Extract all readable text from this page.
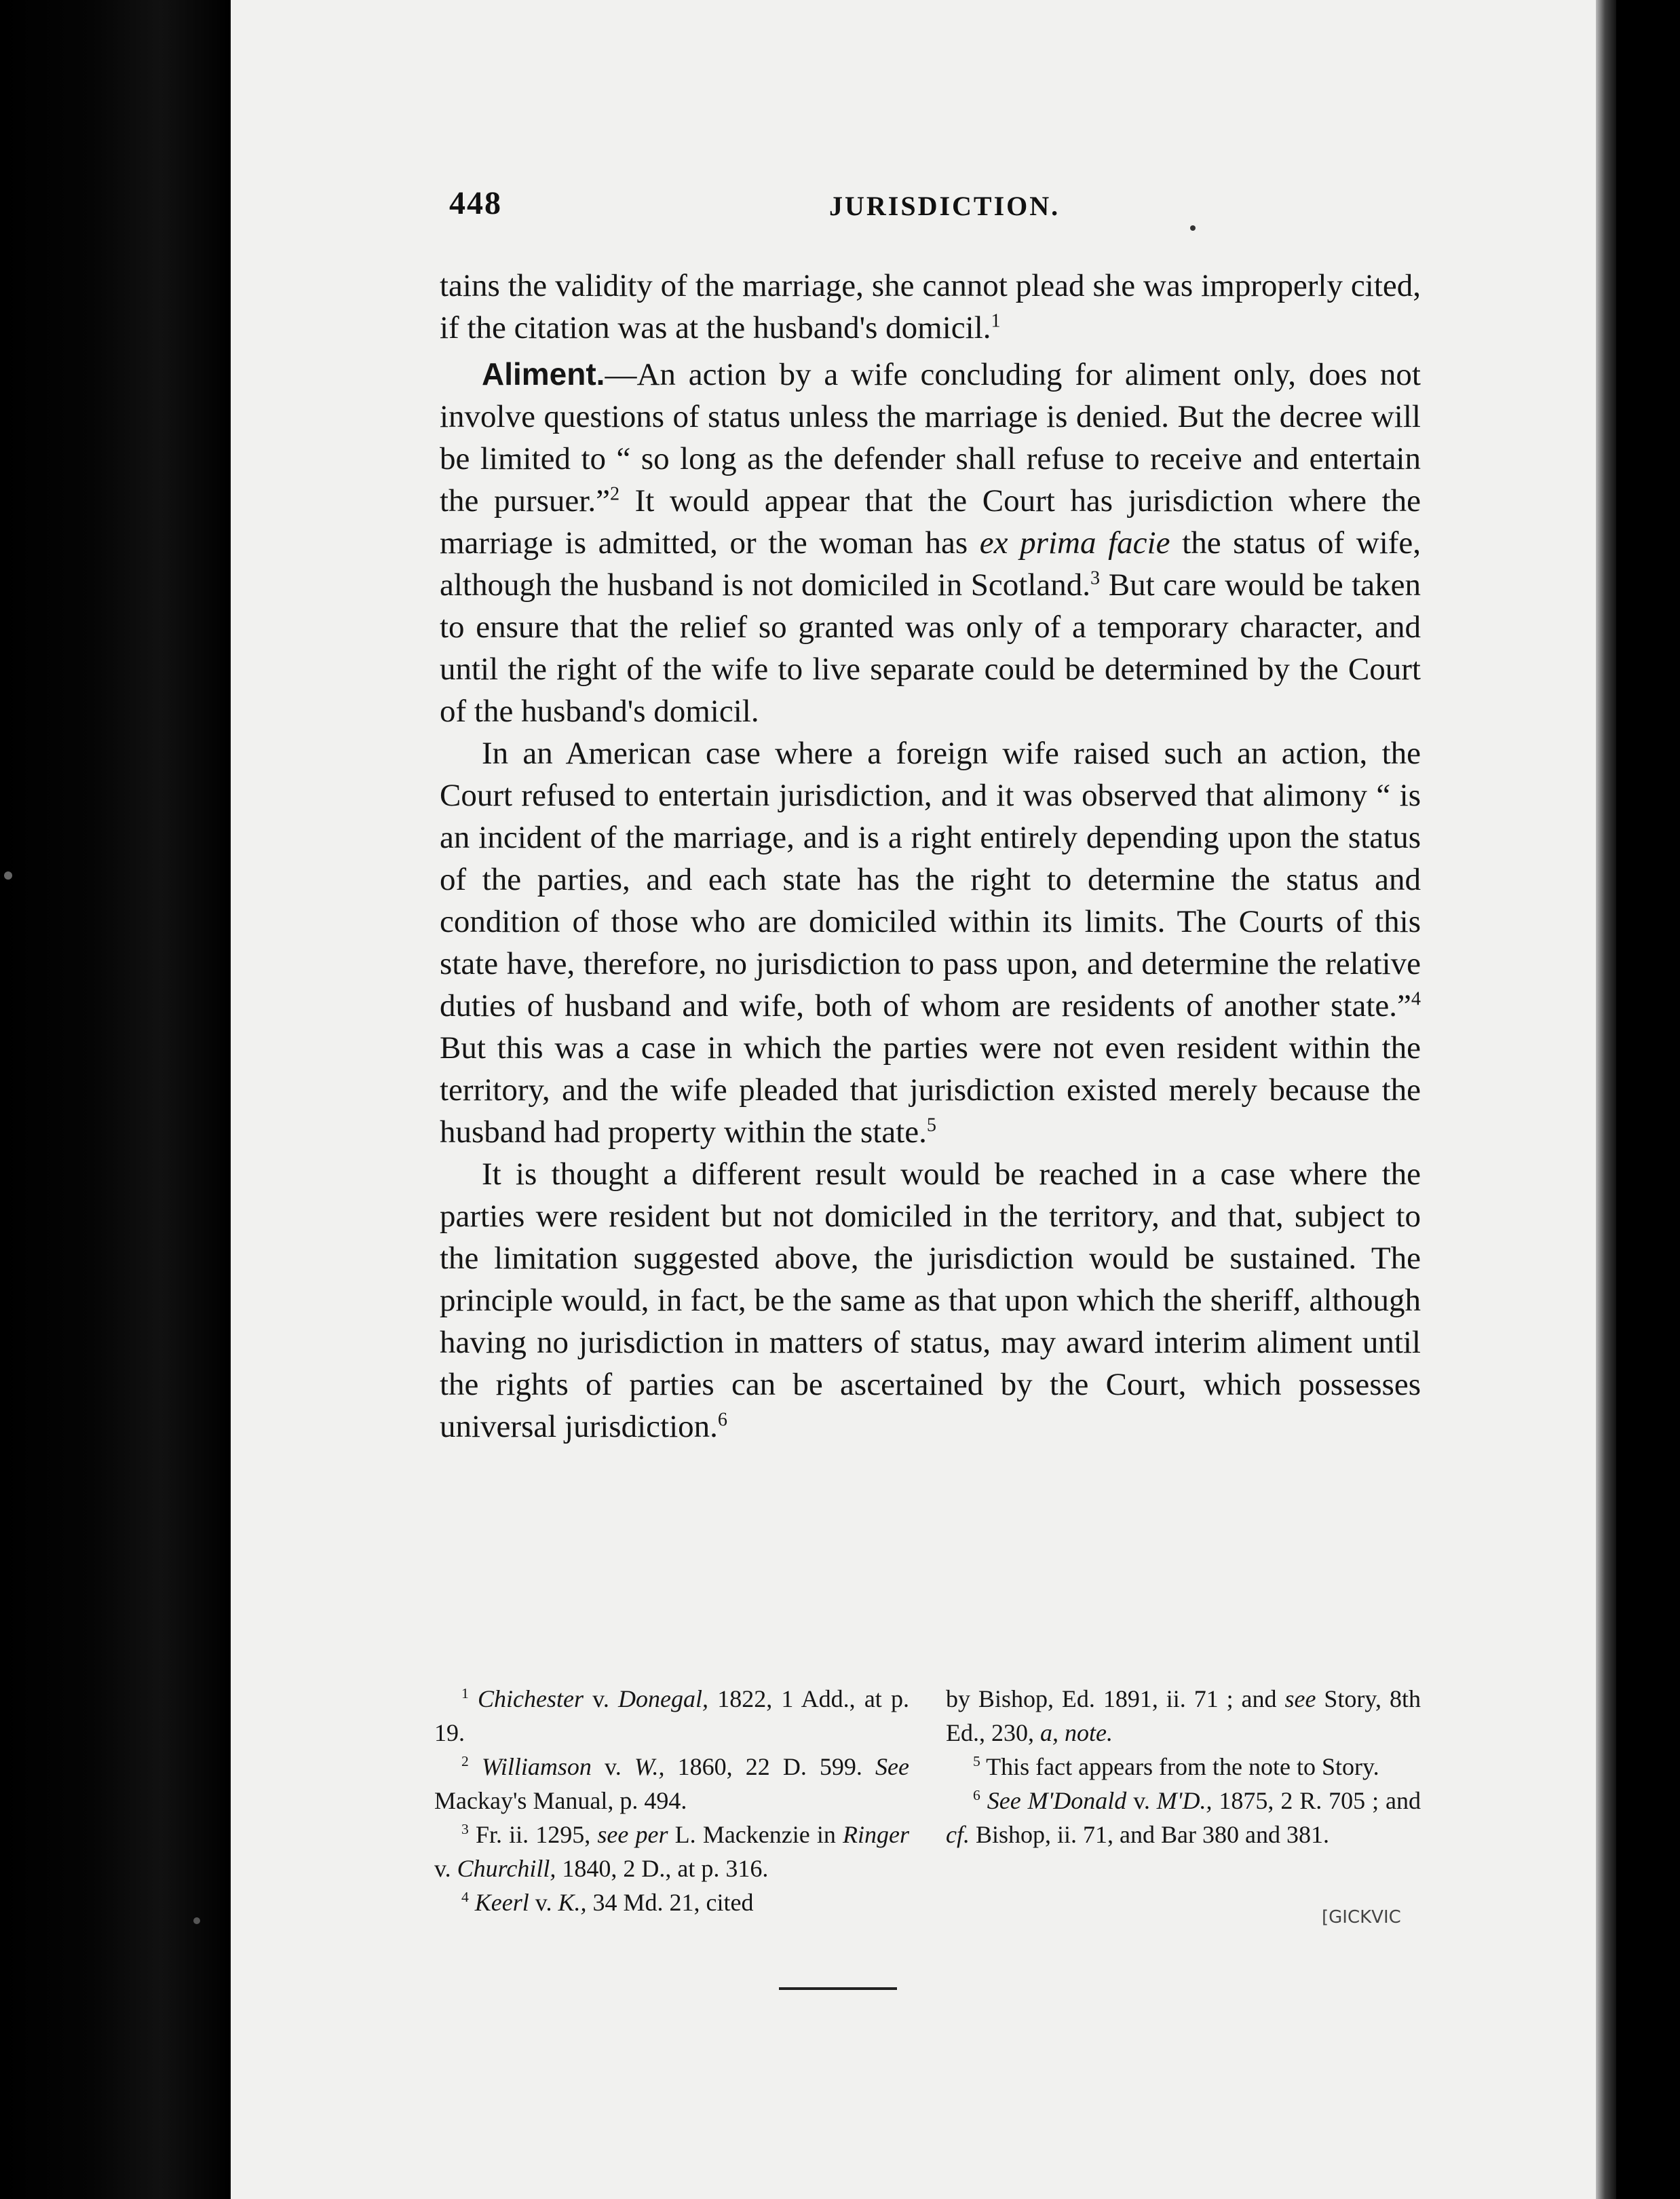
448	JURISDICTION.

tains the validity of the marriage, she cannot plead she was improperly cited, if the citation was at the husband's domicil.$^1$

Aliment.—An action by a wife concluding for aliment only, does not involve questions of status unless the marriage is denied. But the decree will be limited to “ so long as the defender shall refuse to receive and entertain the pursuer.”$^2$ It would appear that the Court has jurisdiction where the marriage is admitted, or the woman has ex prima facie the status of wife, although the husband is not domiciled in Scotland.$^3$ But care would be taken to ensure that the relief so granted was only of a temporary character, and until the right of the wife to live separate could be determined by the Court of the husband's domicil.

In an American case where a foreign wife raised such an action, the Court refused to entertain jurisdiction, and it was observed that alimony “ is an incident of the marriage, and is a right entirely depending upon the status of the parties, and each state has the right to determine the status and condition of those who are domiciled within its limits. The Courts of this state have, therefore, no jurisdiction to pass upon, and determine the relative duties of husband and wife, both of whom are residents of another state.”$^4$ But this was a case in which the parties were not even resident within the territory, and the wife pleaded that jurisdiction existed merely because the husband had property within the state.$^5$

It is thought a different result would be reached in a case where the parties were resident but not domiciled in the territory, and that, subject to the limitation suggested above, the jurisdiction would be sustained. The principle would, in fact, be the same as that upon which the sheriff, although having no jurisdiction in matters of status, may award interim aliment until the rights of parties can be ascertained by the Court, which possesses universal jurisdiction.$^6$

$^1$ Chichester v. Donegal, 1822, 1 Add., at p. 19.

$^2$ Williamson v. W., 1860, 22 D. 599. See Mackay's Manual, p. 494.

$^3$ Fr. ii. 1295, see per L. Mackenzie in Ringer v. Churchill, 1840, 2 D., at p. 316.

$^4$ Keerl v. K., 34 Md. 21, cited

by Bishop, Ed. 1891, ii. 71 ; and see Story, 8th Ed., 230, a, note.

$^5$ This fact appears from the note to Story.

$^6$ See M'Donald v. M'D., 1875, 2 R. 705 ; and cf. Bishop, ii. 71, and Bar 380 and 381.

[GICKVIC
